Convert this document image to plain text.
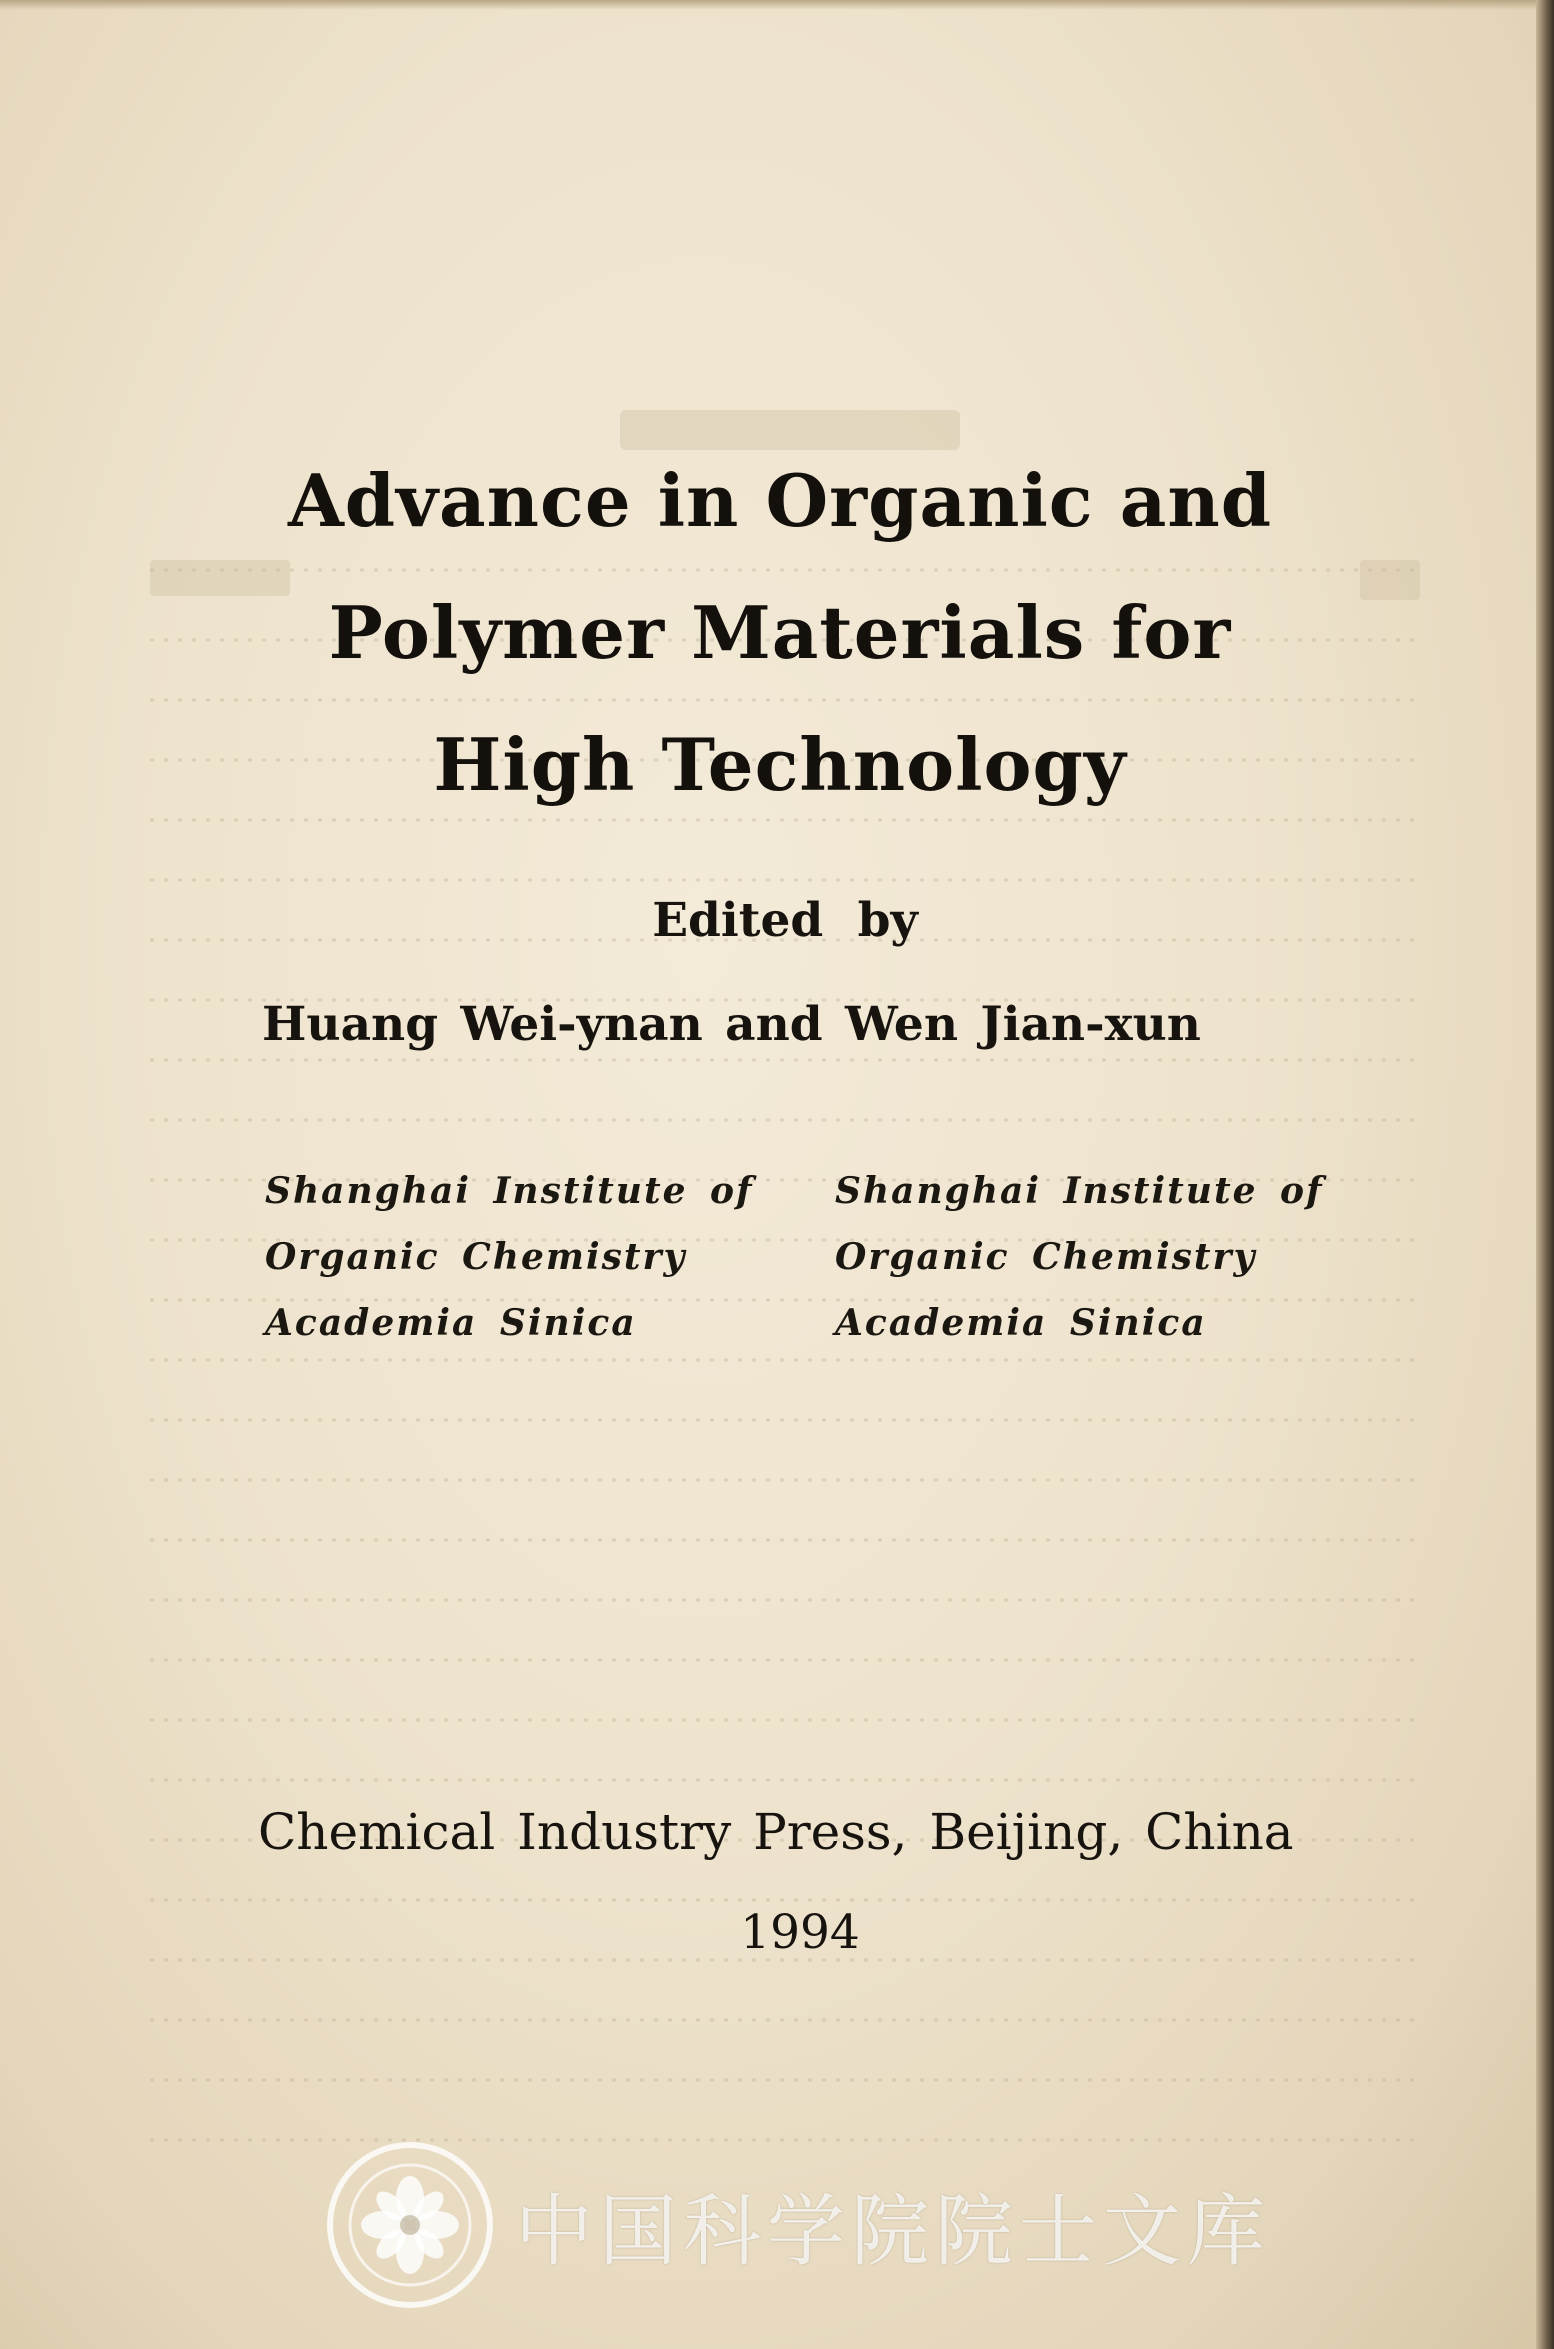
Advance in Organic and
Polymer Materials for
High Technology
Edited by
Huang Wei-ynan and Wen Jian-xun
Shanghai Institute of
Organic Chemistry
Academia Sinica
Shanghai Institute of
Organic Chemistry
Academia Sinica
Chemical Industry Press, Beijing, China
1994
中国科学院院士文库
